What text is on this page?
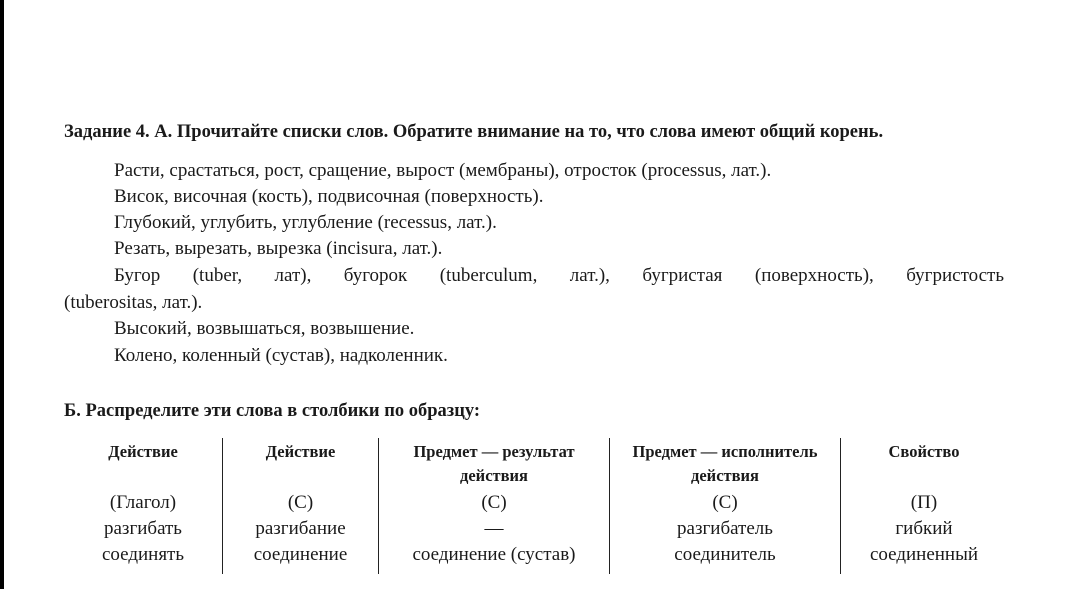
Задание 4. А. Прочитайте списки слов. Обратите внимание на то, что слова имеют общий корень.
Расти, срастаться, рост, сращение, вырост (мембраны), отросток (processus, лат.).
Висок, височная (кость), подвисочная (поверхность).
Глубокий, углубить, углубление (recessus, лат.).
Резать, вырезать, вырезка (incisura, лат.).
Бугор (tuber, лат), бугорок (tuberculum, лат.), бугристая (поверхность), бугристость
(tuberositas, лат.).
Высокий, возвышаться, возвышение.
Колено, коленный (сустав), надколенник.
Б. Распределите эти слова в столбики по образцу:
Действие
(Глагол)
разгибать
соединять
Действие
(С)
разгибание
соединение
Предмет — результат действия
(С)
—
соединение (сустав)
Предмет — исполнитель действия
(С)
разгибатель
соединитель
Свойство
(П)
гибкий
соединенный
